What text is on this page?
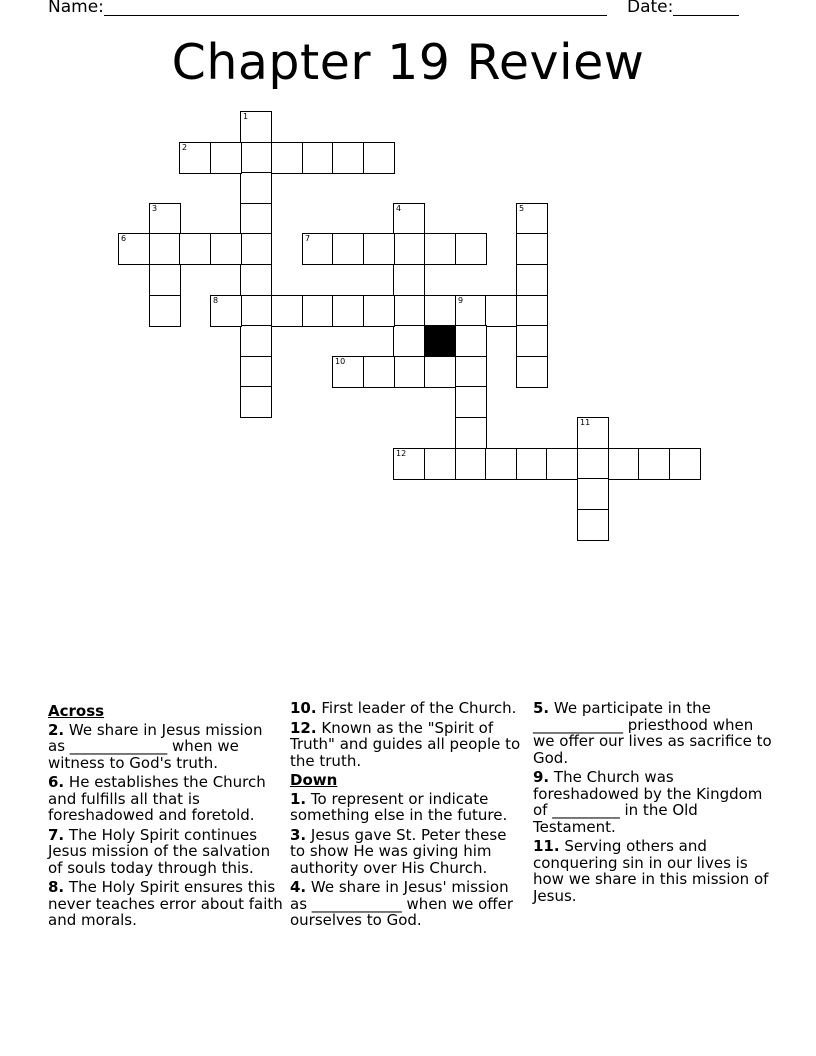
Name:	Date:
Chapter 19 Review
1
2
3	4	5
6	7
8	9
10
11
12
Across
2. We share in Jesus mission as _____________ when we witness to God's truth.
6. He establishes the Church and fulfills all that is foreshadowed and foretold.
7. The Holy Spirit continues Jesus mission of the salvation of souls today through this.
8. The Holy Spirit ensures this never teaches error about faith and morals.
10. First leader of the Church.
12. Known as the "Spirit of Truth" and guides all people to the truth.
Down
1. To represent or indicate something else in the future.
3. Jesus gave St. Peter these to show He was giving him authority over His Church.
4. We share in Jesus' mission as ____________ when we offer ourselves to God.
5. We participate in the ____________ priesthood when we offer our lives as sacrifice to God.
9. The Church was foreshadowed by the Kingdom of _________ in the Old Testament.
11. Serving others and conquering sin in our lives is how we share in this mission of Jesus.
